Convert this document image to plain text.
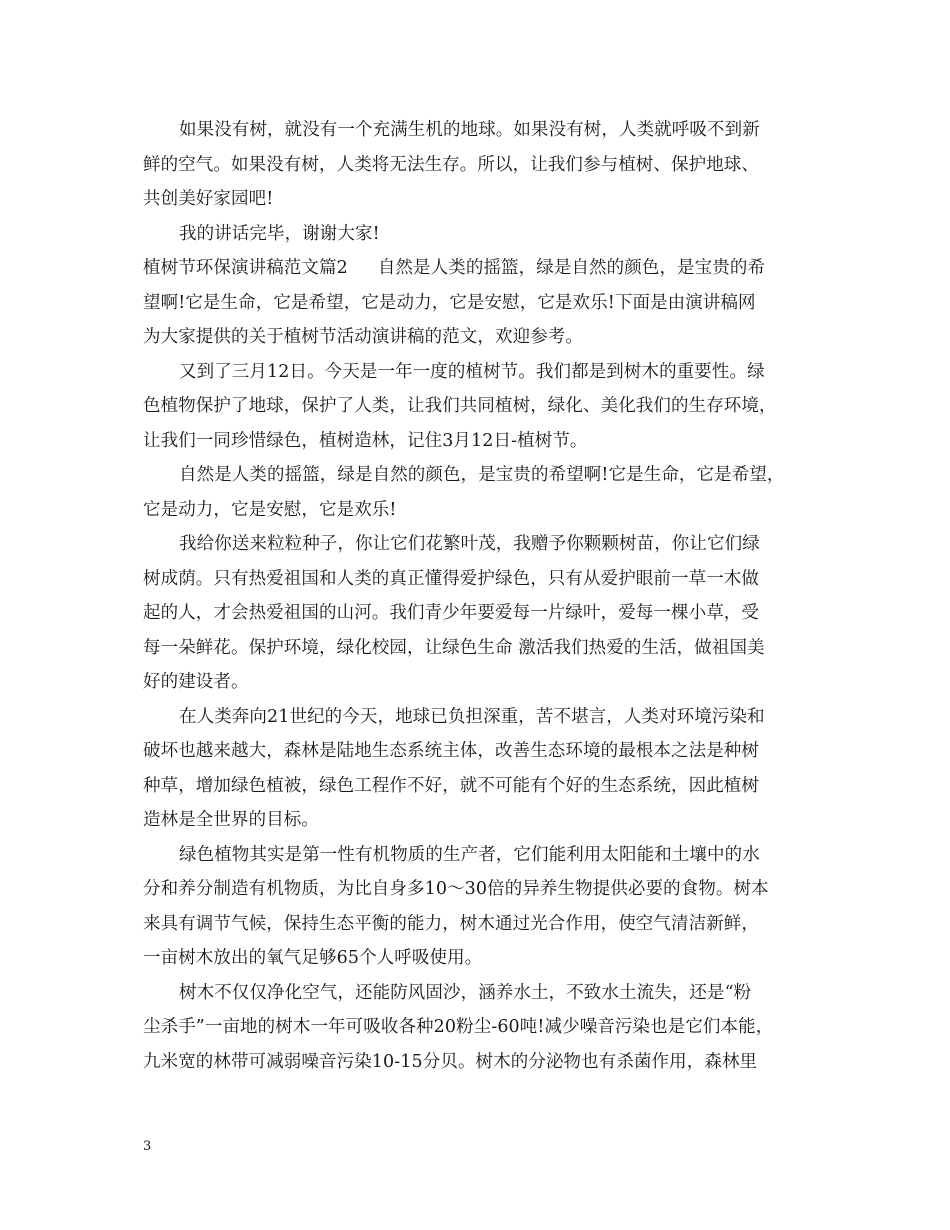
如果没有树，就没有一个充满生机的地球。如果没有树，人类就呼吸不到新
鲜的空气。如果没有树，人类将无法生存。所以，让我们参与植树、保护地球、
共创美好家园吧!
我的讲话完毕，谢谢大家!
植树节环保演讲稿范文篇2 自然是人类的摇篮，绿是自然的颜色，是宝贵的希
望啊!它是生命，它是希望，它是动力，它是安慰，它是欢乐!下面是由演讲稿网
为大家提供的关于植树节活动演讲稿的范文，欢迎参考。
又到了三月12日。今天是一年一度的植树节。我们都是到树木的重要性。绿
色植物保护了地球，保护了人类，让我们共同植树，绿化、美化我们的生存环境，
让我们一同珍惜绿色，植树造林，记住3月12日-植树节。
自然是人类的摇篮，绿是自然的颜色，是宝贵的希望啊!它是生命，它是希望，
它是动力，它是安慰，它是欢乐!
我给你送来粒粒种子，你让它们花繁叶茂，我赠予你颗颗树苗，你让它们绿
树成荫。只有热爱祖国和人类的真正懂得爱护绿色，只有从爱护眼前一草一木做
起的人，才会热爱祖国的山河。我们青少年要爱每一片绿叶，爱每一棵小草，受
每一朵鲜花。保护环境，绿化校园，让绿色生命 激活我们热爱的生活，做祖国美
好的建设者。
在人类奔向21世纪的今天，地球已负担深重，苦不堪言，人类对环境污染和
破坏也越来越大，森林是陆地生态系统主体，改善生态环境的最根本之法是种树
种草，增加绿色植被，绿色工程作不好，就不可能有个好的生态系统，因此植树
造林是全世界的目标。
绿色植物其实是第一性有机物质的生产者，它们能利用太阳能和土壤中的水
分和养分制造有机物质，为比自身多10～30倍的异养生物提供必要的食物。树本
来具有调节气候，保持生态平衡的能力，树木通过光合作用，使空气清洁新鲜，
一亩树木放出的氧气足够65个人呼吸使用。
树木不仅仅净化空气，还能防风固沙，涵养水土，不致水土流失，还是“粉
尘杀手”一亩地的树木一年可吸收各种20粉尘-60吨!减少噪音污染也是它们本能，
九米宽的林带可减弱噪音污染10-15分贝。树木的分泌物也有杀菌作用，森林里
3
